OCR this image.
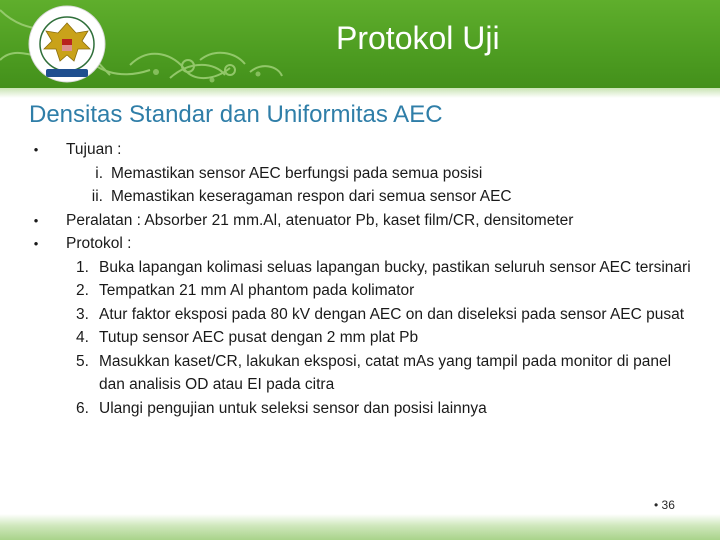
Protokol Uji
Densitas Standar dan Uniformitas AEC
•	Tujuan :
i. Memastikan sensor AEC berfungsi pada semua posisi
ii. Memastikan keseragaman respon dari semua sensor AEC
•	Peralatan : Absorber 21 mm.Al, atenuator Pb, kaset film/CR, densitometer
•	Protokol :
1. Buka lapangan kolimasi seluas lapangan bucky, pastikan seluruh sensor AEC tersinari
2. Tempatkan 21 mm Al phantom pada kolimator
3. Atur faktor eksposi pada 80 kV dengan AEC on dan diseleksi pada sensor AEC pusat
4. Tutup sensor AEC pusat dengan 2 mm plat Pb
5. Masukkan kaset/CR, lakukan eksposi, catat mAs yang tampil pada monitor di panel dan analisis OD atau EI pada citra
6. Ulangi pengujian untuk seleksi sensor dan posisi lainnya
• 36
